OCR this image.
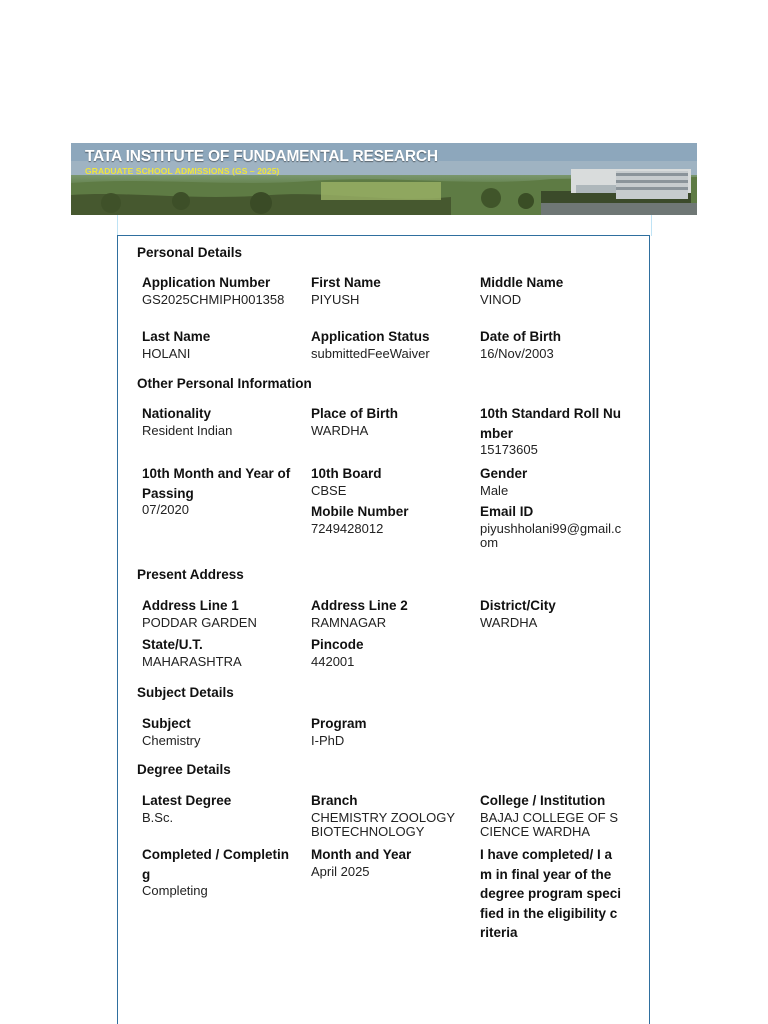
TATA INSTITUTE OF FUNDAMENTAL RESEARCH
GRADUATE SCHOOL ADMISSIONS (GS – 2025)
Personal Details
Application Number
GS2025CHMIPH001358
First Name
PIYUSH
Middle Name
VINOD
Last Name
HOLANI
Application Status
submittedFeeWaiver
Date of Birth
16/Nov/2003
Other Personal Information
Nationality
Resident Indian
Place of Birth
WARDHA
10th Standard Roll Number
15173605
10th Month and Year of Passing
07/2020
10th Board
CBSE
Gender
Male
Mobile Number
7249428012
Email ID
piyushholani99@gmail.com
Present Address
Address Line 1
PODDAR GARDEN
Address Line 2
RAMNAGAR
District/City
WARDHA
State/U.T.
MAHARASHTRA
Pincode
442001
Subject Details
Subject
Chemistry
Program
I-PhD
Degree Details
Latest Degree
B.Sc.
Branch
CHEMISTRY ZOOLOGY BIOTECHNOLOGY
College / Institution
BAJAJ COLLEGE OF SCIENCE WARDHA
Completed / Completing
Completing
Month and Year
April 2025
I have completed/ I am in final year of the degree program specified in the eligibility criteria
